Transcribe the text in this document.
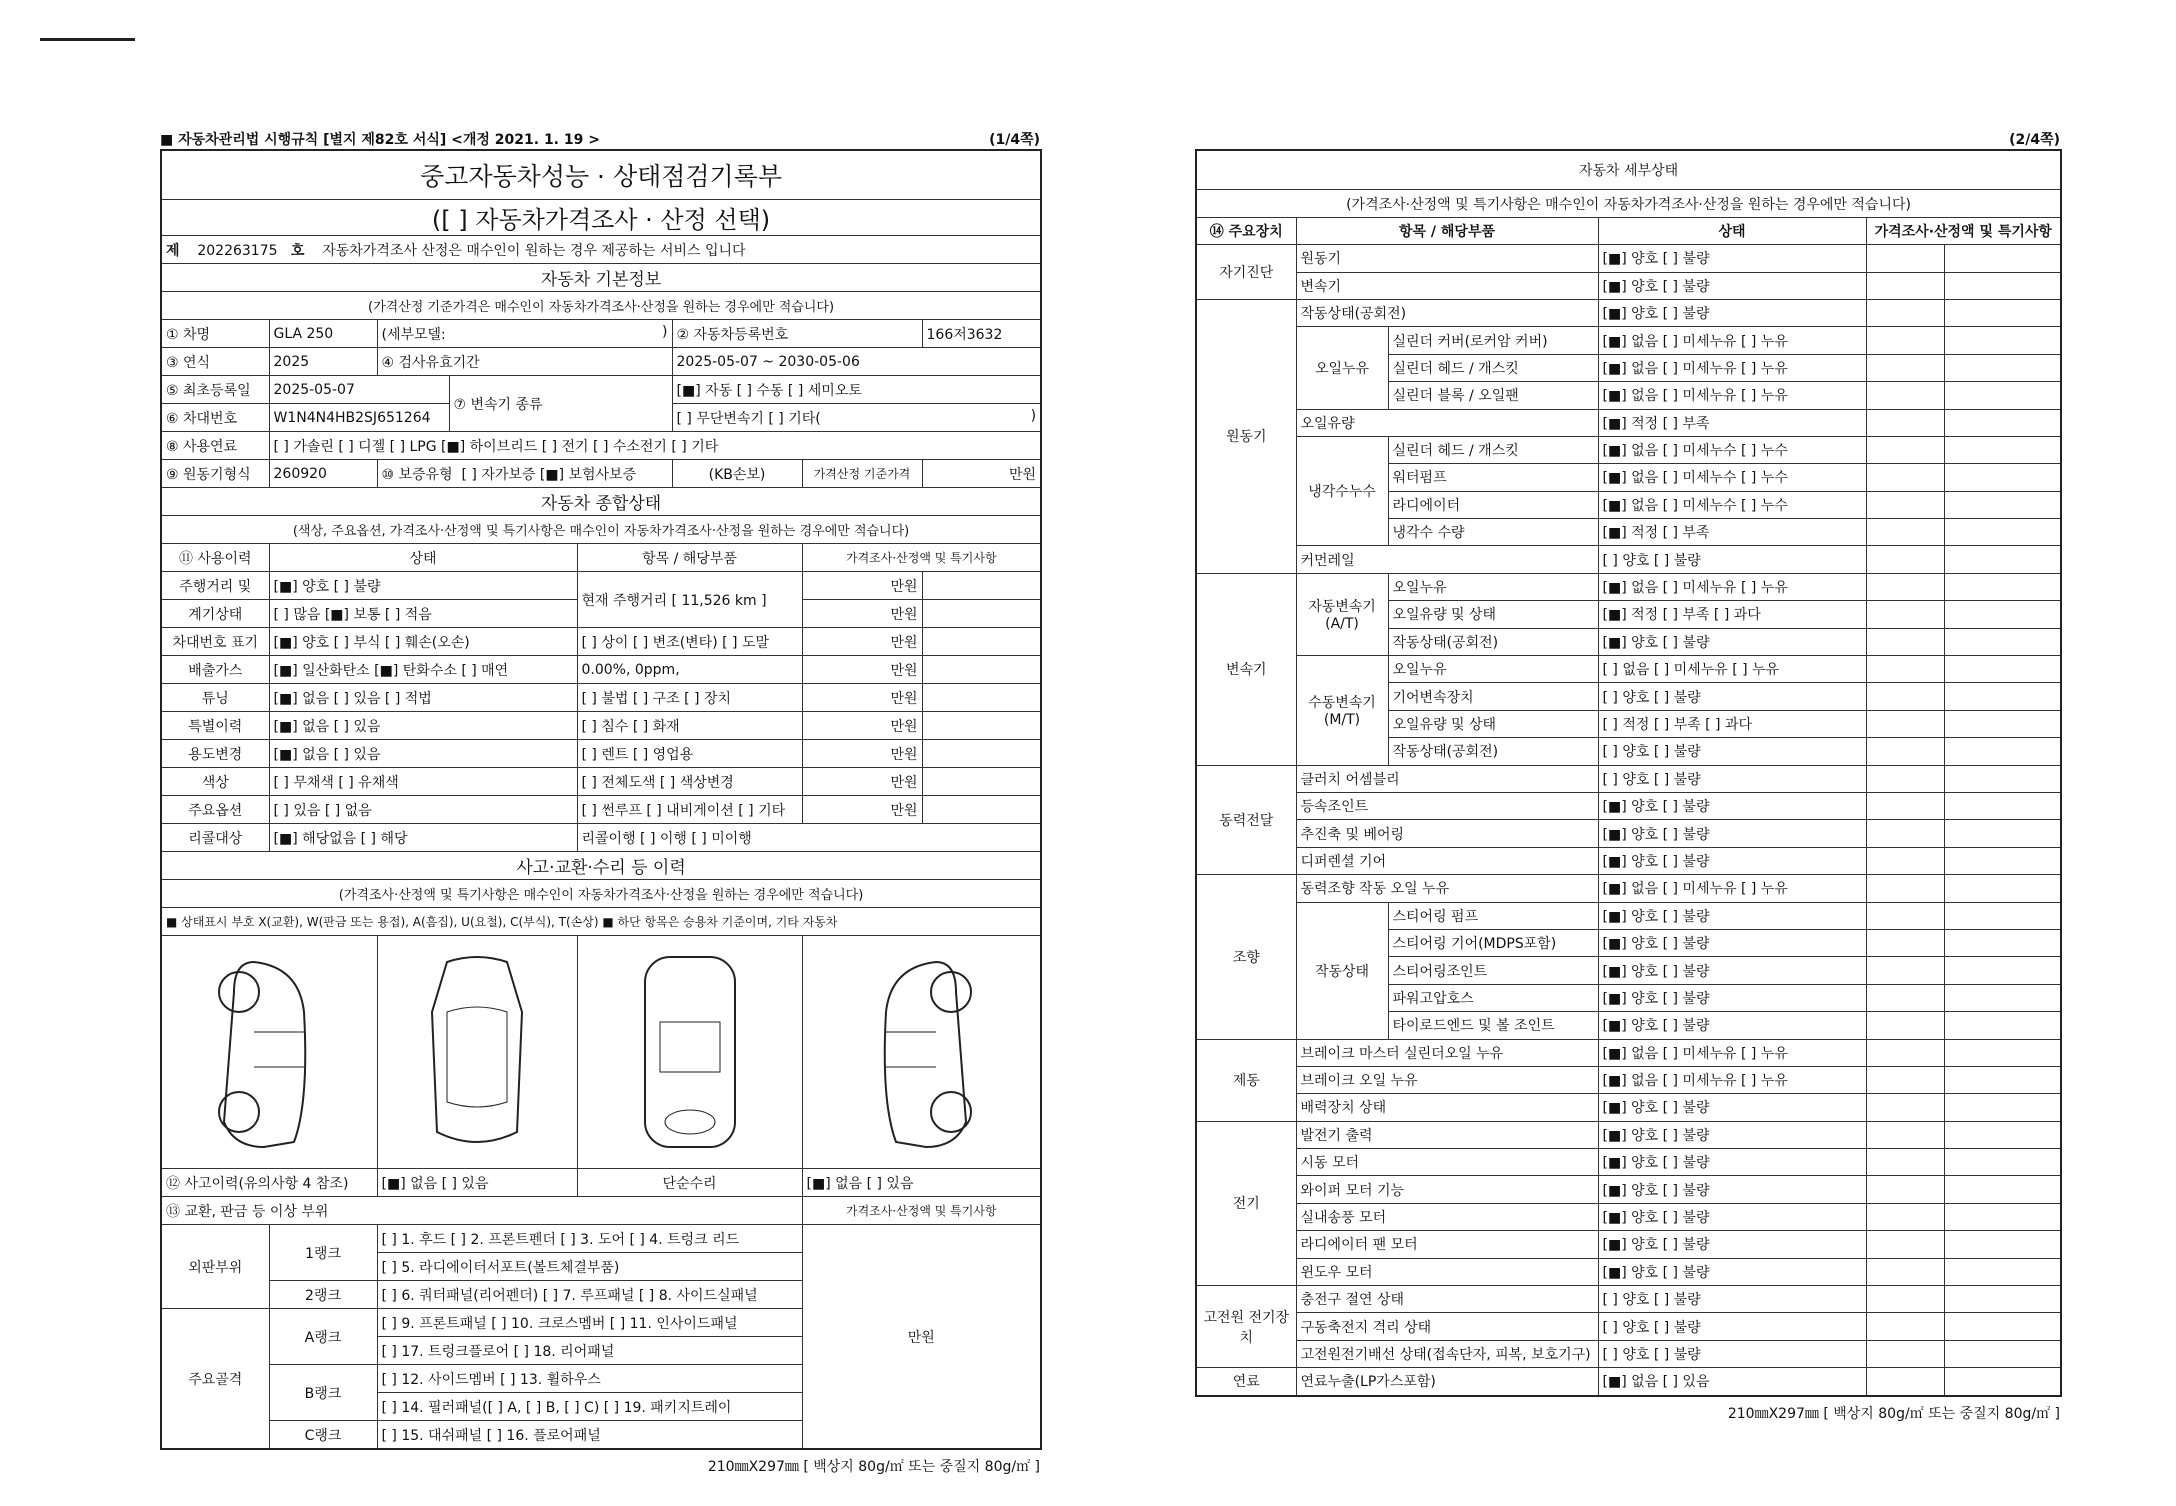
■ 자동차관리법 시행규칙 [별지 제82호 서식] <개정 2021. 1. 19 >	(1/4쪽)
중고자동차성능 · 상태점검기록부							
([ ] 자동차가격조사 · 산정 선택)							
제 202263175 호 자동차가격조사 산정은 매수인이 원하는 경우 제공하는 서비스 입니다							
자동차 기본정보							
(가격산정 기준가격은 매수인이 자동차가격조사·산정을 원하는 경우에만 적습니다)							
① 차명	GLA 250	(세부모델: )			② 자동차등록번호		166저3632
③ 연식	2025	④ 검사유효기간			2025-05-07 ~ 2030-05-06		
⑤ 최초등록일	2025-05-07		⑦ 변속기 종류		[■] 자동 [ ] 수동 [ ] 세미오토		
⑥ 차대번호	W1N4N4HB2SJ651264				[ ] 무단변속기 [ ] 기타( )		

⑧ 사용연료	[ ] 가솔린 [ ] 디젤 [ ] LPG [■] 하이브리드 [ ] 전기 [ ] 수소전기 [ ] 기타						
⑨ 원동기형식	260920	⑩ 보증유형 [ ] 자가보증 [■] 보험사보증			(KB손보)	가격산정 기준가격	만원
자동차 종합상태							
(색상, 주요옵션, 가격조사·산정액 및 특기사항은 매수인이 자동차가격조사·산정을 원하는 경우에만 적습니다)							
⑪ 사용이력	상태			항목 / 해당부품		가격조사·산정액 및 특기사항	
주행거리 및	[■] 양호 [ ] 불량			현재 주행거리 [ 11,526 km ]		만원	
계기상태	[ ] 많음 [■] 보통 [ ] 적음					만원	
차대번호 표기	[■] 양호 [ ] 부식 [ ] 훼손(오손)			[ ] 상이 [ ] 변조(변타) [ ] 도말		만원	
배출가스	[■] 일산화탄소 [■] 탄화수소 [ ] 매연			0.00%, 0ppm,		만원	
튜닝	[■] 없음 [ ] 있음 [ ] 적법			[ ] 불법 [ ] 구조 [ ] 장치		만원	
특별이력	[■] 없음 [ ] 있음			[ ] 침수 [ ] 화재		만원	
용도변경	[■] 없음 [ ] 있음			[ ] 렌트 [ ] 영업용		만원	
색상	[ ] 무채색 [ ] 유채색			[ ] 전체도색 [ ] 색상변경		만원	
주요옵션	[ ] 있음 [ ] 없음			[ ] 썬루프 [ ] 내비게이션 [ ] 기타		만원	
리콜대상	[■] 해당없음 [ ] 해당			리콜이행 [ ] 이행 [ ] 미이행			
사고·교환·수리 등 이력							
(가격조사·산정액 및 특기사항은 매수인이 자동차가격조사·산정을 원하는 경우에만 적습니다)							
■ 상태표시 부호 X(교환), W(판금 또는 용접), A(흠집), U(요철), C(부식), T(손상) ■ 하단 항목은 승용차 기준이며, 기타 자동차							

⑫ 사고이력(유의사항 4 참조)		[■] 없음 [ ] 있음		단순수리		[■] 없음 [ ] 있음	
⑬ 교환, 판금 등 이상 부위						가격조사·산정액 및 특기사항	
외판부위	1랭크	[ ] 1. 후드 [ ] 2. 프론트펜더 [ ] 3. 도어 [ ] 4. 트렁크 리드				만원	
		[ ] 5. 라디에이터서포트(볼트체결부품)					
	2랭크	[ ] 6. 쿼터패널(리어펜더) [ ] 7. 루프패널 [ ] 8. 사이드실패널					
주요골격	A랭크	[ ] 9. 프론트패널 [ ] 10. 크로스멤버 [ ] 11. 인사이드패널					
		[ ] 17. 트렁크플로어 [ ] 18. 리어패널					
	B랭크	[ ] 12. 사이드멤버 [ ] 13. 휠하우스					
		[ ] 14. 필러패널([ ] A, [ ] B, [ ] C) [ ] 19. 패키지트레이					
	C랭크	[ ] 15. 대쉬패널 [ ] 16. 플로어패널					
210㎜X297㎜ [ 백상지 80g/㎡ 또는 중질지 80g/㎡ ]
(2/4쪽)
자동차 세부상태					
(가격조사·산정액 및 특기사항은 매수인이 자동차가격조사·산정을 원하는 경우에만 적습니다)					
⑭ 주요장치	항목 / 해당부품		상태	가격조사·산정액 및 특기사항	
자기진단	원동기		[■] 양호 [ ] 불량		
	변속기		[■] 양호 [ ] 불량		
원동기	작동상태(공회전)		[■] 양호 [ ] 불량		
	오일누유	실린더 커버(로커암 커버)	[■] 없음 [ ] 미세누유 [ ] 누유		
		실린더 헤드 / 개스킷	[■] 없음 [ ] 미세누유 [ ] 누유		
		실린더 블록 / 오일팬	[■] 없음 [ ] 미세누유 [ ] 누유		
	오일유량		[■] 적정 [ ] 부족		
	냉각수누수	실린더 헤드 / 개스킷	[■] 없음 [ ] 미세누수 [ ] 누수		
		워터펌프	[■] 없음 [ ] 미세누수 [ ] 누수		
		라디에이터	[■] 없음 [ ] 미세누수 [ ] 누수		
		냉각수 수량	[■] 적정 [ ] 부족		
	커먼레일		[ ] 양호 [ ] 불량		
변속기	자동변속기 (A/T)	오일누유	[■] 없음 [ ] 미세누유 [ ] 누유		
		오일유량 및 상태	[■] 적정 [ ] 부족 [ ] 과다		
		작동상태(공회전)	[■] 양호 [ ] 불량		
	수동변속기 (M/T)	오일누유	[ ] 없음 [ ] 미세누유 [ ] 누유		
		기어변속장치	[ ] 양호 [ ] 불량		
		오일유량 및 상태	[ ] 적정 [ ] 부족 [ ] 과다		
		작동상태(공회전)	[ ] 양호 [ ] 불량		
동력전달	클러치 어셈블리		[ ] 양호 [ ] 불량		
	등속조인트		[■] 양호 [ ] 불량		
	추진축 및 베어링		[■] 양호 [ ] 불량		
	디퍼렌셜 기어		[■] 양호 [ ] 불량		
조향	동력조향 작동 오일 누유		[■] 없음 [ ] 미세누유 [ ] 누유		
	작동상태	스티어링 펌프	[■] 양호 [ ] 불량		
		스티어링 기어(MDPS포함)	[■] 양호 [ ] 불량		
		스티어링조인트	[■] 양호 [ ] 불량		
		파워고압호스	[■] 양호 [ ] 불량		
		타이로드엔드 및 볼 조인트	[■] 양호 [ ] 불량		
제동	브레이크 마스터 실린더오일 누유		[■] 없음 [ ] 미세누유 [ ] 누유		
	브레이크 오일 누유		[■] 없음 [ ] 미세누유 [ ] 누유		
	배력장치 상태		[■] 양호 [ ] 불량		
전기	발전기 출력		[■] 양호 [ ] 불량		
	시동 모터		[■] 양호 [ ] 불량		
	와이퍼 모터 기능		[■] 양호 [ ] 불량		
	실내송풍 모터		[■] 양호 [ ] 불량		
	라디에이터 팬 모터		[■] 양호 [ ] 불량		
	윈도우 모터		[■] 양호 [ ] 불량		
고전원 전기장치	충전구 절연 상태		[ ] 양호 [ ] 불량		
	구동축전지 격리 상태		[ ] 양호 [ ] 불량		
	고전원전기배선 상태(접속단자, 피복, 보호기구)		[ ] 양호 [ ] 불량		
연료	연료누출(LP가스포함)		[■] 없음 [ ] 있음		
210㎜X297㎜ [ 백상지 80g/㎡ 또는 중질지 80g/㎡ ]
